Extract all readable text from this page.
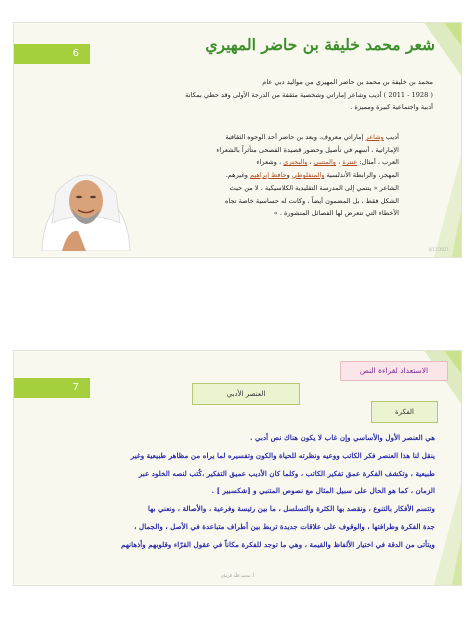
6	شعر محمد خليفة بن حاضر المهيري
محمد بن خليفة بن محمد بن حاضر المهيري من مواليد دبي عام
( 1928 - 2011 ) أديب وشاعر إماراتي وشخصية مثقفة من الدرجة الأولى وقد حظي بمكانة
أدبية واجتماعية كبيرة ومميزة .
أديب وشاعر إماراتي معروف. ويعد بن حاضر أحد الوجوه الثقافية
الإماراتية ، أسهم في تأصيل وحضور قصيدة الفصحى متأثراً بالشعراء
العرب ، أمثال: عنترة ، والمتنبي ، والبحتري ، وشعراء
المهجر، والرابطة الأندلسية والمنفلوطي وحافظ إبراهيم وغيرهم.
الشاعر « ينتمي إلى المدرسة التقليدية الكلاسيكية ، لا من حيث
الشكل فقط ، بل المضمون أيضاً ، وكانت له حساسية خاصة تجاه
الأخطاء التي تتعرض لها الفصائل المنشورة . »
4/11/2021
7
الاستعداد لقراءة النص
العنصر الأدبي
الفكرة
هي العنصر الأول والأساسي وإن غاب لا يكون هناك نص أدبي .
ينقل لنا هذا العنصر فكر الكاتب ووعيه ونظرته للحياة والكون وتفسيره لما يراه من مظاهر طبيعية وغير
طبيعية ، وتكشف الفكرة عمق تفكير الكاتب ، وكلما كان الأديب عميق التفكير ،كُتب لنصه الخلود عبر
الزمان ، كما هو الحال على سبيل المثال مع نصوص المتنبي و [شكسبير ] .
وتتسم الأفكار بالتنوع ، ونقصد بها الكثرة والتسلسل ، ما بين رئيسة وفرعية ، والأصالة ، ونعني بها
جدة الفكرة وطرافتها ، والوقوف على علاقات جديدة تربط بين أطراف متباعدة في الأصل ، والجمال ،
ويتأتى من الدقة في اختيار الألفاظ والقيمة ، وهي ما توجد للفكرة مكاناً في عقول القرّاء وقلوبهم وأذهانهم
أ. محمد اللّه الزمان
